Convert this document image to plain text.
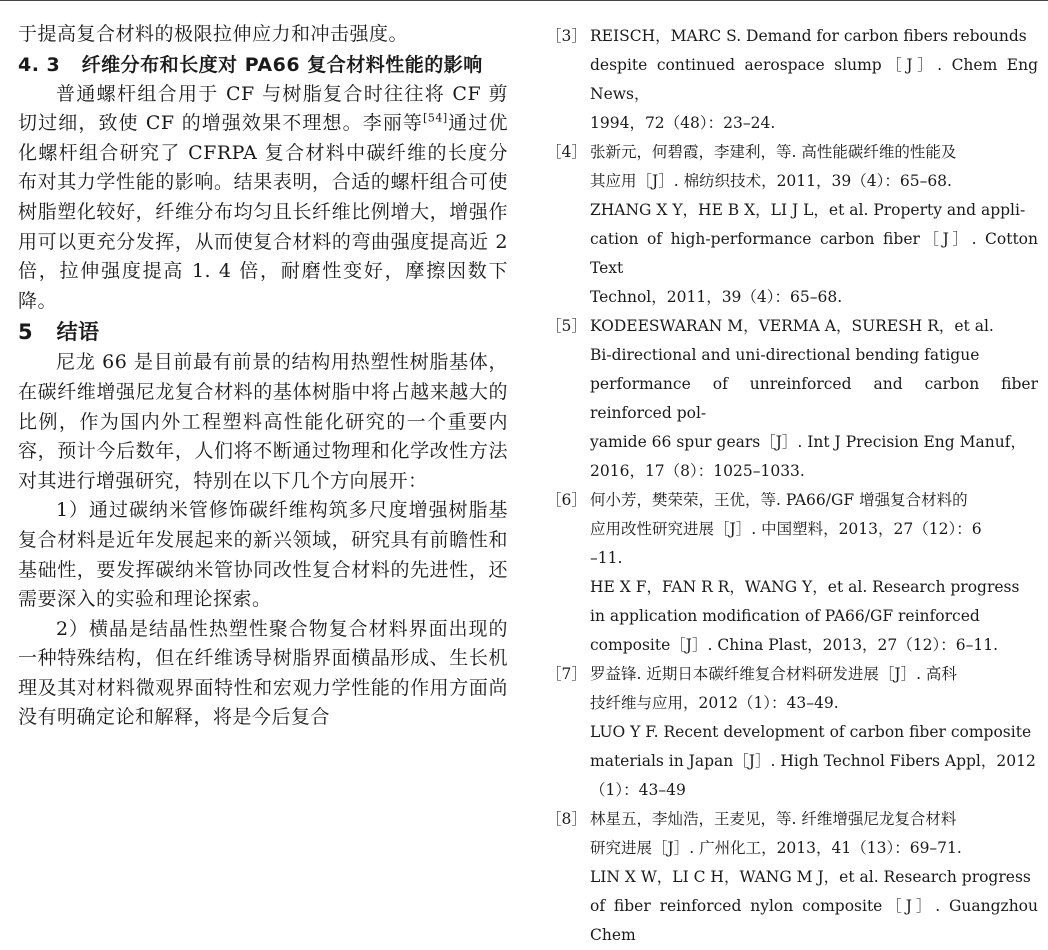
于提高复合材料的极限拉伸应力和冲击强度。

4. 3 纤维分布和长度对 PA66 复合材料性能的影响

普通螺杆组合用于 CF 与树脂复合时往往将 CF 剪切过细，致使 CF 的增强效果不理想。李丽等[54]通过优化螺杆组合研究了 CFRPA 复合材料中碳纤维的长度分布对其力学性能的影响。结果表明，合适的螺杆组合可使树脂塑化较好，纤维分布均匀且长纤维比例增大，增强作用可以更充分发挥，从而使复合材料的弯曲强度提高近 2 倍，拉伸强度提高 1. 4 倍，耐磨性变好，摩擦因数下降。

5 结语

尼龙 66 是目前最有前景的结构用热塑性树脂基体，在碳纤维增强尼龙复合材料的基体树脂中将占越来越大的比例，作为国内外工程塑料高性能化研究的一个重要内容，预计今后数年，人们将不断通过物理和化学改性方法对其进行增强研究，特别在以下几个方向展开：

1）通过碳纳米管修饰碳纤维构筑多尺度增强树脂基复合材料是近年发展起来的新兴领域，研究具有前瞻性和基础性，要发挥碳纳米管协同改性复合材料的先进性，还需要深入的实验和理论探索。

2）横晶是结晶性热塑性聚合物复合材料界面出现的一种特殊结构，但在纤维诱导树脂界面横晶形成、生长机理及其对材料微观界面特性和宏观力学性能的作用方面尚没有明确定论和解释，将是今后复合

［3］ REISCH，MARC S. Demand for carbon fibers rebounds

despite continued aerospace slump［J］. Chem Eng News，

1994，72（48）：23–24.

［4］ 张新元，何碧霞，李建利，等. 高性能碳纤维的性能及

其应用［J］. 棉纺织技术，2011，39（4）：65–68.

ZHANG X Y，HE B X，LI J L，et al. Property and appli-

cation of high-performance carbon fiber［J］. Cotton Text

Technol，2011，39（4）：65–68.

［5］ KODEESWARAN M，VERMA A，SURESH R，et al.

Bi-directional and uni-directional bending fatigue

performance of unreinforced and carbon fiber reinforced pol-

yamide 66 spur gears［J］. Int J Precision Eng Manuf，

2016，17（8）：1025–1033.

［6］ 何小芳，樊荣荣，王优，等. PA66/GF 增强复合材料的

应用改性研究进展［J］. 中国塑料，2013，27（12）：6

–11.

HE X F，FAN R R，WANG Y，et al. Research progress

in application modification of PA66/GF reinforced

composite［J］. China Plast，2013，27（12）：6–11.

［7］ 罗益锋. 近期日本碳纤维复合材料研发进展［J］. 高科

技纤维与应用，2012（1）：43–49.

LUO Y F. Recent development of carbon fiber composite

materials in Japan［J］. High Technol Fibers Appl，2012

（1）：43–49

［8］ 林星五，李灿浩，王麦见，等. 纤维增强尼龙复合材料

研究进展［J］. 广州化工，2013，41（13）：69–71.

LIN X W，LI C H，WANG M J，et al. Research progress

of fiber reinforced nylon composite［J］. Guangzhou Chem
